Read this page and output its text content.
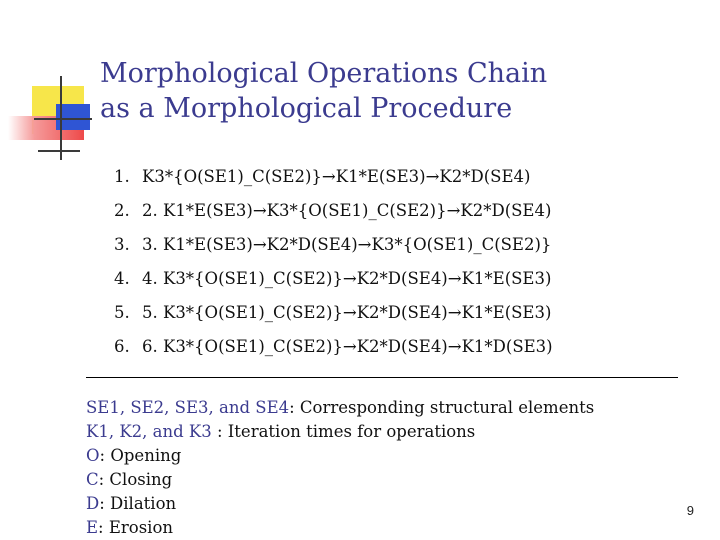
Morphological Operations Chain
as a Morphological Procedure
1. K3*{O(SE1)_C(SE2)}→K1*E(SE3)→K2*D(SE4)
2. 2. K1*E(SE3)→K3*{O(SE1)_C(SE2)}→K2*D(SE4)
3. 3. K1*E(SE3)→K2*D(SE4)→K3*{O(SE1)_C(SE2)}
4. 4. K3*{O(SE1)_C(SE2)}→K2*D(SE4)→K1*E(SE3)
5. 5. K3*{O(SE1)_C(SE2)}→K2*D(SE4)→K1*E(SE3)
6. 6. K3*{O(SE1)_C(SE2)}→K2*D(SE4)→K1*D(SE3)
SE1, SE2, SE3, and SE4: Corresponding structural elements
K1, K2, and K3 : Iteration times for operations
O: Opening
C: Closing
D: Dilation
E: Erosion
9
